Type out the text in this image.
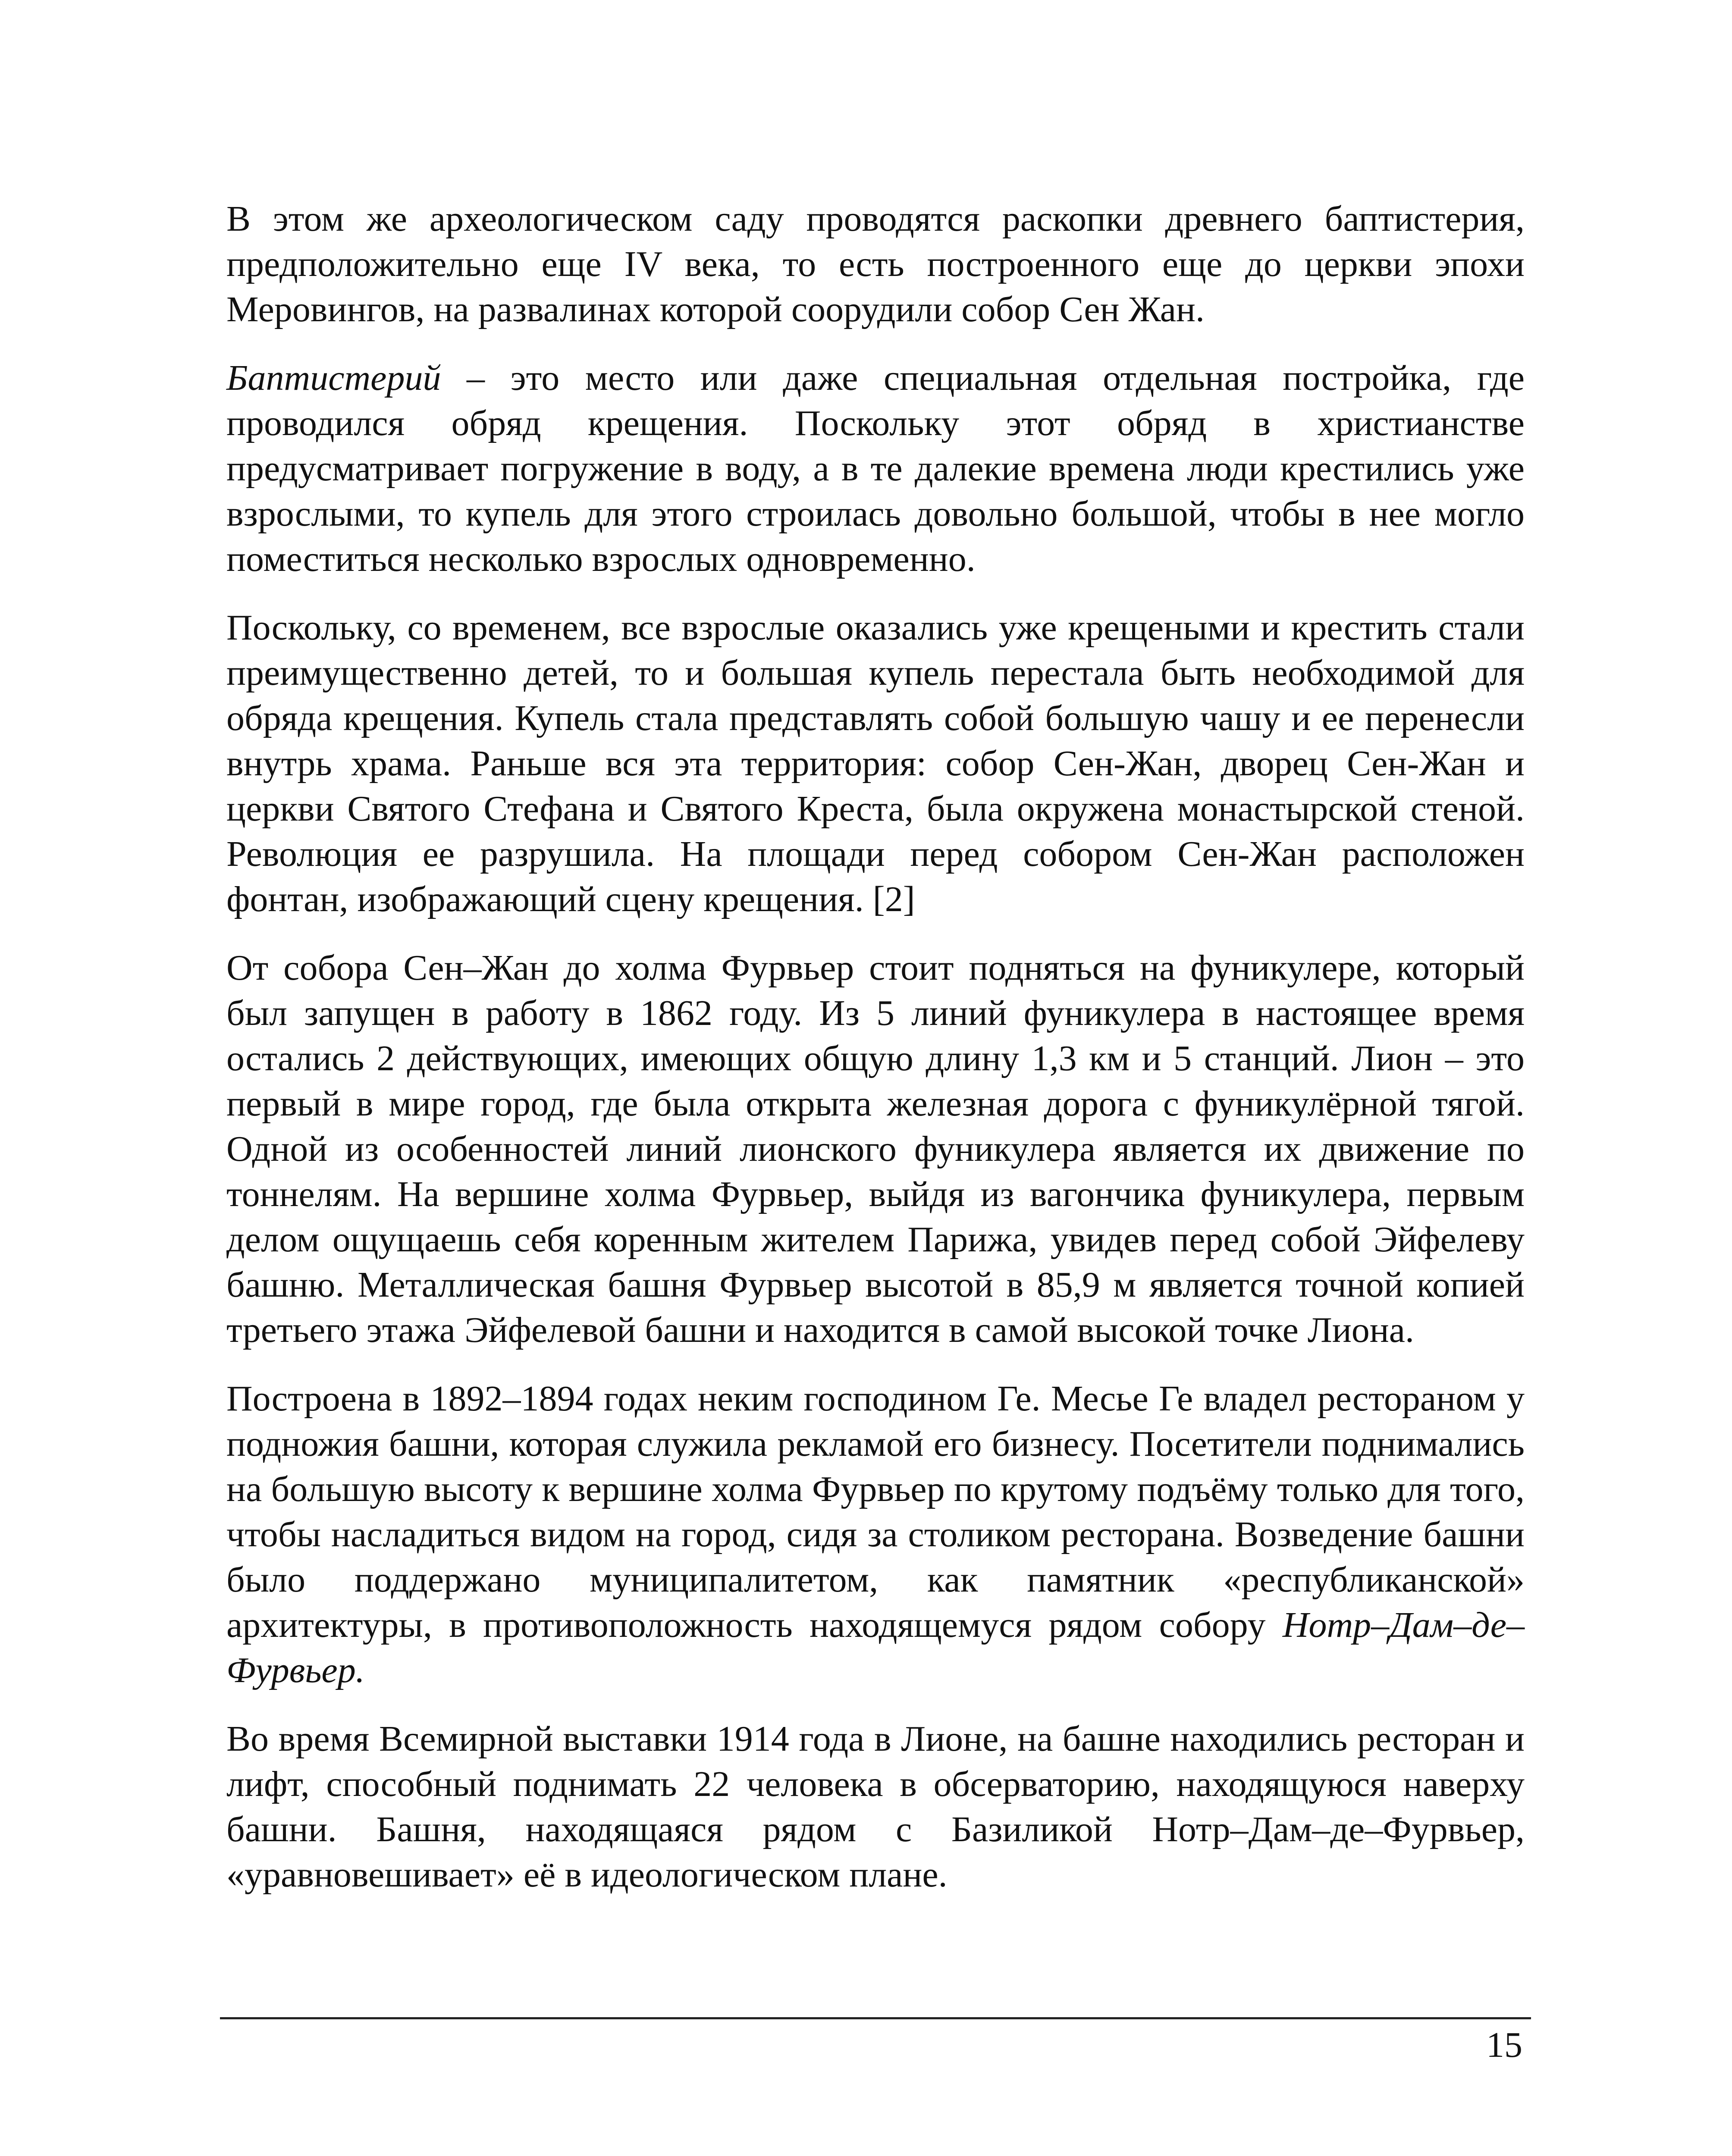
В этом же археологическом саду проводятся раскопки древнего баптистерия, предположительно еще IV века, то есть построенного еще до церкви эпохи Меровингов, на развалинах которой соорудили собор Сен Жан.

Баптистерий – это место или даже специальная отдельная постройка, где проводился обряд крещения. Поскольку этот обряд в христианстве предусматривает погружение в воду, а в те далекие времена люди крестились уже взрослыми, то купель для этого строилась довольно большой, чтобы в нее могло поместиться несколько взрослых одновременно.

Поскольку, со временем, все взрослые оказались уже крещеными и крестить стали преимущественно детей, то и большая купель перестала быть необходимой для обряда крещения. Купель стала представлять собой большую чашу и ее перенесли внутрь храма. Раньше вся эта территория: собор Сен-Жан, дворец Сен-Жан и церкви Святого Стефана и Святого Креста, была окружена монастырской стеной. Революция ее разрушила. На площади перед собором Сен-Жан расположен фонтан, изображающий сцену крещения. [2]

От собора Сен–Жан до холма Фурвьер стоит подняться на фуникулере, который был запущен в работу в 1862 году. Из 5 линий фуникулера в настоящее время остались 2 действующих, имеющих общую длину 1,3 км и 5 станций. Лион – это первый в мире город, где была открыта железная дорога с фуникулёрной тягой. Одной из особенностей линий лионского фуникулера является их движение по тоннелям. На вершине холма Фурвьер, выйдя из вагончика фуникулера, первым делом ощущаешь себя коренным жителем Парижа, увидев перед собой Эйфелеву башню. Металлическая башня Фурвьер высотой в 85,9 м является точной копией третьего этажа Эйфелевой башни и находится в самой высокой точке Лиона.

Построена в 1892–1894 годах неким господином Ге. Месье Ге владел рестораном у подножия башни, которая служила рекламой его бизнесу. Посетители поднимались на большую высоту к вершине холма Фурвьер по крутому подъёму только для того, чтобы насладиться видом на город, сидя за столиком ресторана. Возведение башни было поддержано муниципалитетом, как памятник «республиканской» архитектуры, в противоположность находящемуся рядом собору Нотр–Дам–де–Фурвьер.

Во время Всемирной выставки 1914 года в Лионе, на башне находились ресторан и лифт, способный поднимать 22 человека в обсерваторию, находящуюся наверху башни. Башня, находящаяся рядом с Базиликой Нотр–Дам–де–Фурвьер, «уравновешивает» её в идеологическом плане.

15
